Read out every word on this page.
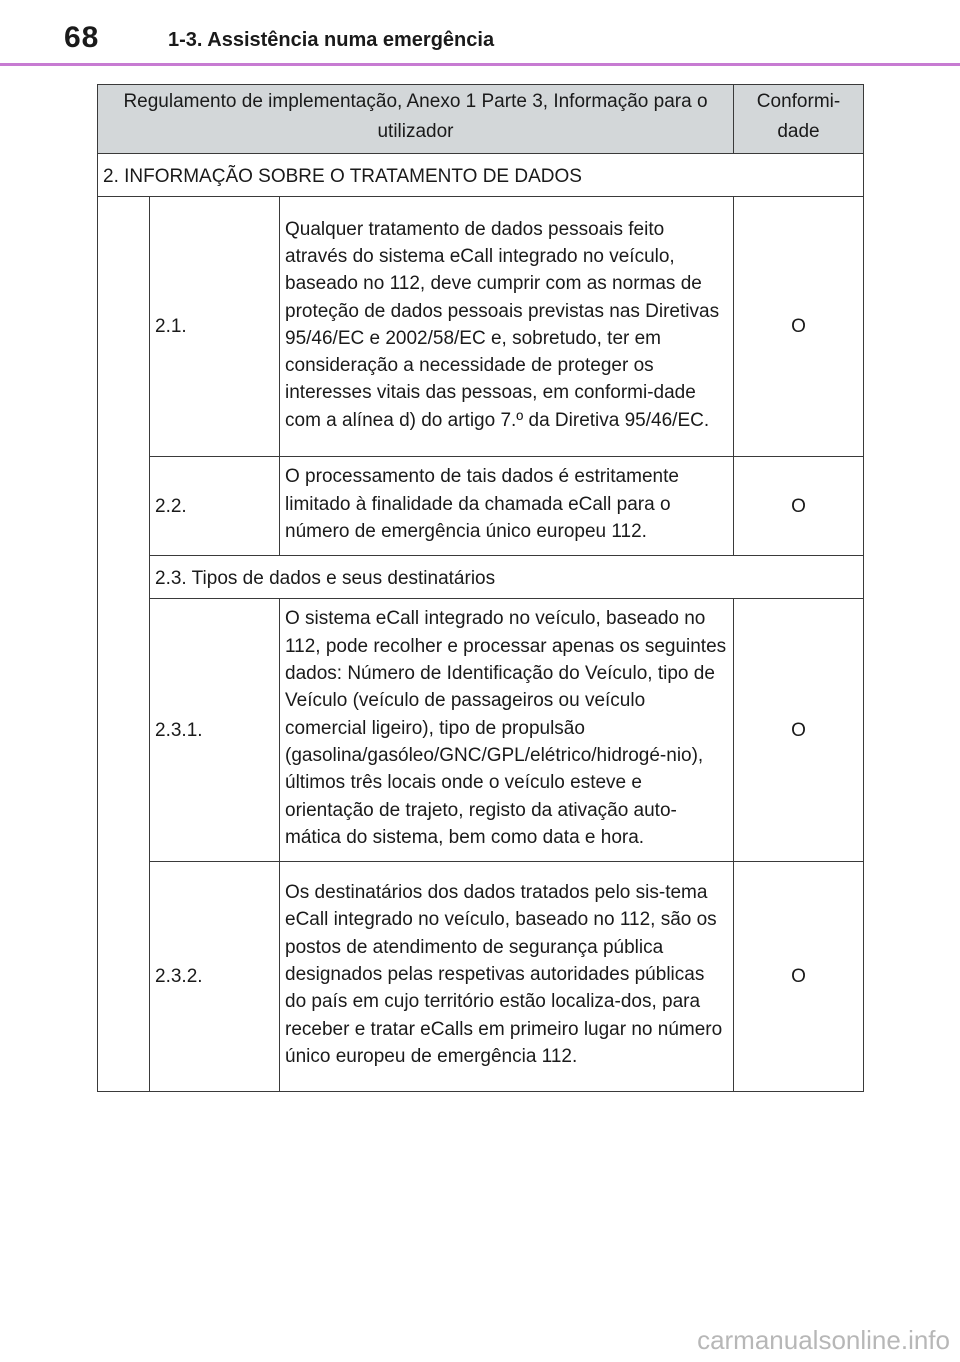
68	1-3. Assistência numa emergência
Regulamento de implementação, Anexo 1 Parte 3, Informação para o utilizador			Conformi-dade
2. INFORMAÇÃO SOBRE O TRATAMENTO DE DADOS			
	2.1.	Qualquer tratamento de dados pessoais feito através do sistema eCall integrado no veículo, baseado no 112, deve cumprir com as normas de proteção de dados pessoais previstas nas Diretivas 95/46/EC e 2002/58/EC e, sobretudo, ter em consideração a necessidade de proteger os interesses vitais das pessoas, em conformi-dade com a alínea d) do artigo 7.º da Diretiva 95/46/EC.	O
	2.2.	O processamento de tais dados é estritamente limitado à finalidade da chamada eCall para o número de emergência único europeu 112.	O
	2.3. Tipos de dados e seus destinatários		
	2.3.1.	O sistema eCall integrado no veículo, baseado no 112, pode recolher e processar apenas os seguintes dados: Número de Identificação do Veículo, tipo de Veículo (veículo de passageiros ou veículo comercial ligeiro), tipo de propulsão (gasolina/gasóleo/GNC/GPL/elétrico/hidrogé-nio), últimos três locais onde o veículo esteve e orientação de trajeto, registo da ativação auto-mática do sistema, bem como data e hora.	O
	2.3.2.	Os destinatários dos dados tratados pelo sis-tema eCall integrado no veículo, baseado no 112, são os postos de atendimento de segurança pública designados pelas respetivas autoridades públicas do país em cujo território estão localiza-dos, para receber e tratar eCalls em primeiro lugar no número único europeu de emergência 112.	O
carmanualsonline.info
